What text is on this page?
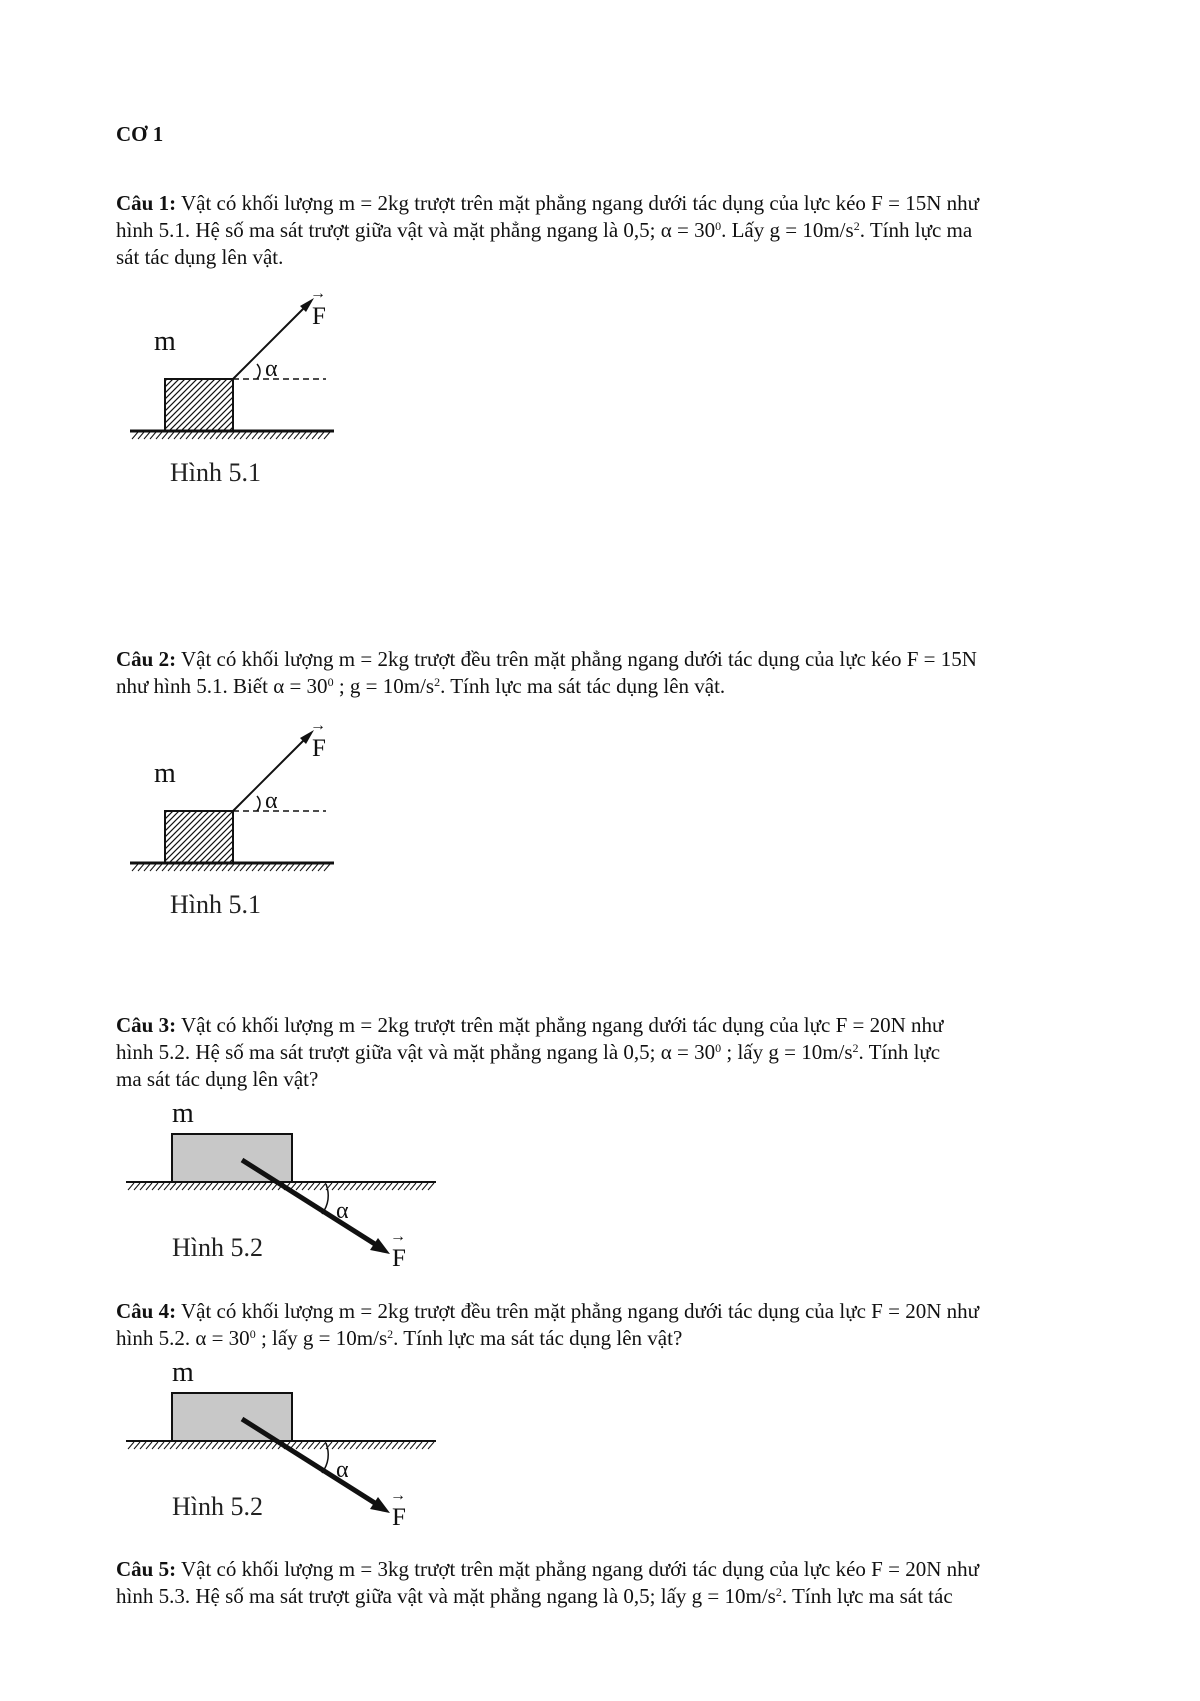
CƠ 1
Câu 1: Vật có khối lượng m = 2kg trượt trên mặt phẳng ngang dưới tác dụng của lực kéo F = 15N như
hình 5.1. Hệ số ma sát trượt giữa vật và mặt phẳng ngang là 0,5; $\alpha = 30^0$. Lấy $g = 10m/s^2$. Tính lực ma
sát tác dụng lên vật.
m
α
F
→
Hình 5.1
Câu 2: Vật có khối lượng m = 2kg trượt đều trên mặt phẳng ngang dưới tác dụng của lực kéo F = 15N
như hình 5.1. Biết $\alpha = 30^0$ ; $g = 10m/s^2$. Tính lực ma sát tác dụng lên vật.
m
α
F
→
Hình 5.1
Câu 3: Vật có khối lượng m = 2kg trượt trên mặt phẳng ngang dưới tác dụng của lực F = 20N như
hình 5.2. Hệ số ma sát trượt giữa vật và mặt phẳng ngang là 0,5; $\alpha = 30^0$ ; lấy $g = 10m/s^2$. Tính lực
ma sát tác dụng lên vật?
m
α
F
→
Hình 5.2
Câu 4: Vật có khối lượng m = 2kg trượt đều trên mặt phẳng ngang dưới tác dụng của lực F = 20N như
hình 5.2. $\alpha = 30^0$ ; lấy $g = 10m/s^2$. Tính lực ma sát tác dụng lên vật?
m
α
F
→
Hình 5.2
Câu 5: Vật có khối lượng m = 3kg trượt trên mặt phẳng ngang dưới tác dụng của lực kéo F = 20N như
hình 5.3. Hệ số ma sát trượt giữa vật và mặt phẳng ngang là 0,5; lấy $g = 10m/s^2$. Tính lực ma sát tác
